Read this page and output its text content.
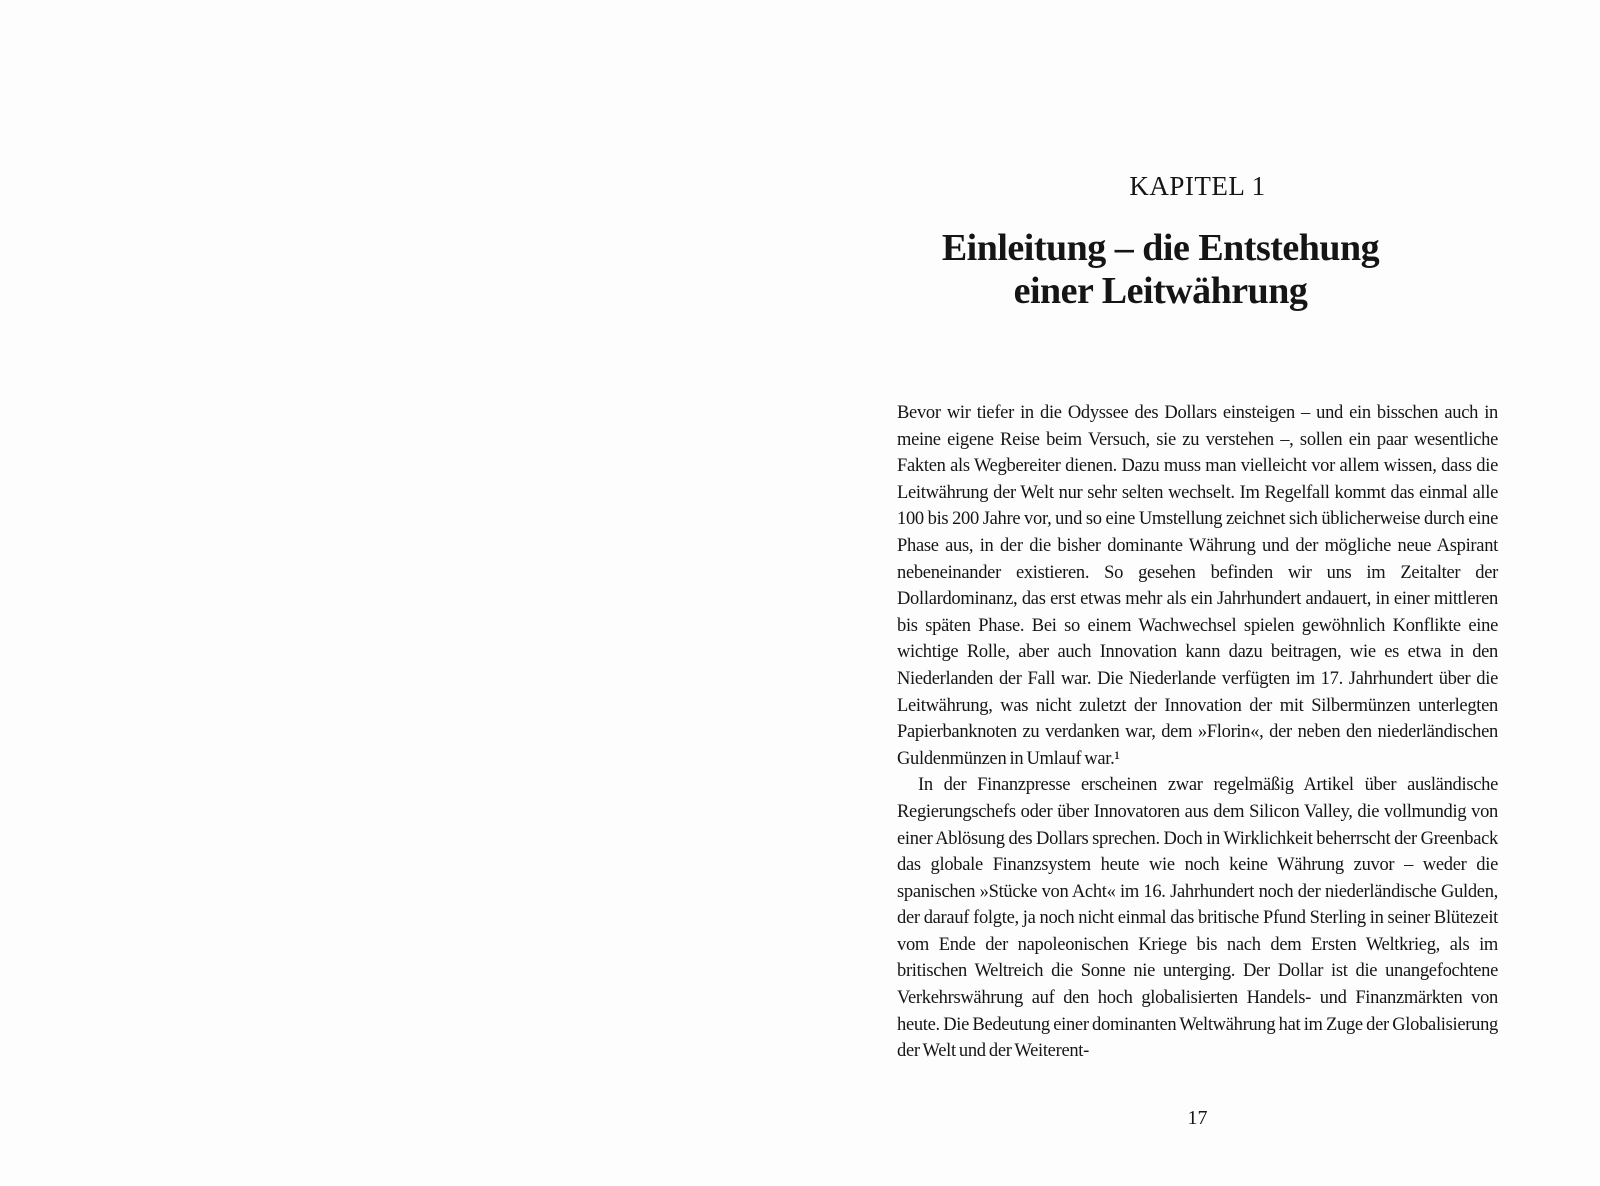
KAPITEL 1
Einleitung – die Entstehung
einer Leitwährung

Bevor wir tiefer in die Odyssee des Dollars einsteigen – und ein bisschen auch in meine eigene Reise beim Versuch, sie zu verstehen –, sollen ein paar wesentliche Fakten als Wegbereiter dienen. Dazu muss man vielleicht vor allem wissen, dass die Leitwährung der Welt nur sehr selten wechselt. Im Regelfall kommt das einmal alle 100 bis 200 Jahre vor, und so eine Umstellung zeichnet sich üblicherweise durch eine Phase aus, in der die bisher dominante Währung und der mögliche neue Aspirant nebeneinander existieren. So gesehen befinden wir uns im Zeitalter der Dollardominanz, das erst etwas mehr als ein Jahrhundert andauert, in einer mittleren bis späten Phase. Bei so einem Wachwechsel spielen gewöhnlich Konflikte eine wichtige Rolle, aber auch Innovation kann dazu beitragen, wie es etwa in den Niederlanden der Fall war. Die Niederlande verfügten im 17. Jahrhundert über die Leitwährung, was nicht zuletzt der Innovation der mit Silbermünzen unterlegten Papierbanknoten zu verdanken war, dem »Florin«, der neben den niederländischen Guldenmünzen in Umlauf war.¹

In der Finanzpresse erscheinen zwar regelmäßig Artikel über ausländische Regierungschefs oder über Innovatoren aus dem Silicon Valley, die vollmundig von einer Ablösung des Dollars sprechen. Doch in Wirklichkeit beherrscht der Greenback das globale Finanzsystem heute wie noch keine Währung zuvor – weder die spanischen »Stücke von Acht« im 16. Jahrhundert noch der niederländische Gulden, der darauf folgte, ja noch nicht einmal das britische Pfund Sterling in seiner Blütezeit vom Ende der napoleonischen Kriege bis nach dem Ersten Weltkrieg, als im britischen Weltreich die Sonne nie unterging. Der Dollar ist die unangefochtene Verkehrswährung auf den hoch globalisierten Handels- und Finanzmärkten von heute. Die Bedeutung einer dominanten Weltwährung hat im Zuge der Globalisierung der Welt und der Weiterent-

17
